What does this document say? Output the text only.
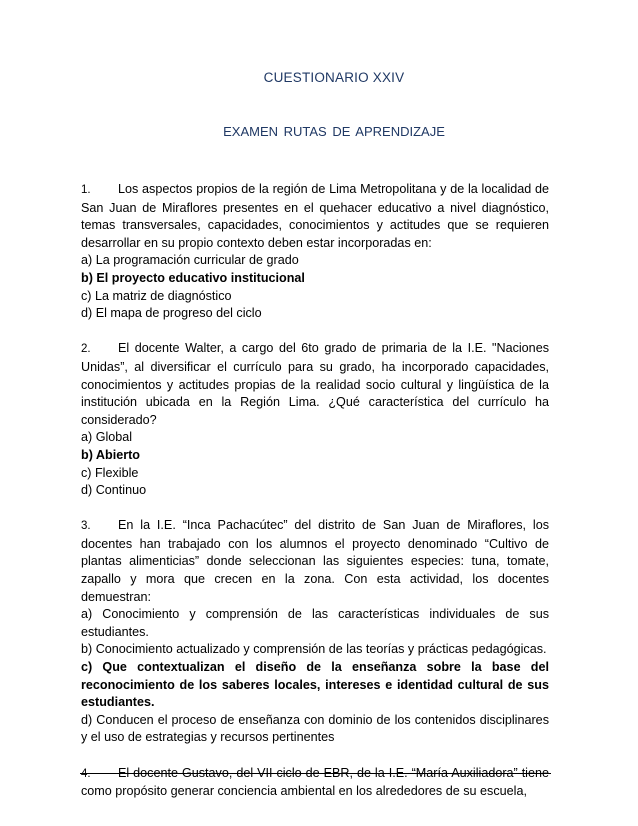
CUESTIONARIO XXIV
EXAMEN RUTAS DE APRENDIZAJE

1. Los aspectos propios de la región de Lima Metropolitana y de la localidad de San Juan de Miraflores presentes en el quehacer educativo a nivel diagnóstico, temas transversales, capacidades, conocimientos y actitudes que se requieren desarrollar en su propio contexto deben estar incorporadas en:

a) La programación curricular de grado

b) El proyecto educativo institucional

c) La matriz de diagnóstico

d) El mapa de progreso del ciclo

2. El docente Walter, a cargo del 6to grado de primaria de la I.E. "Naciones Unidas”, al diversificar el currículo para su grado, ha incorporado capacidades, conocimientos y actitudes propias de la realidad socio cultural y lingüística de la institución ubicada en la Región Lima. ¿Qué característica del currículo ha considerado?

a) Global

b) Abierto

c) Flexible

d) Continuo

3. En la I.E. “Inca Pachacútec” del distrito de San Juan de Miraflores, los docentes han trabajado con los alumnos el proyecto denominado “Cultivo de plantas alimenticias” donde seleccionan las siguientes especies: tuna, tomate, zapallo y mora que crecen en la zona. Con esta actividad, los docentes demuestran:

a) Conocimiento y comprensión de las características individuales de sus estudiantes.

b) Conocimiento actualizado y comprensión de las teorías y prácticas pedagógicas.

c) Que contextualizan el diseño de la enseñanza sobre la base del reconocimiento de los saberes locales, intereses e identidad cultural de sus estudiantes.

d) Conducen el proceso de enseñanza con dominio de los contenidos disciplinares y el uso de estrategias y recursos pertinentes

4. El docente Gustavo, del VII ciclo de EBR, de la I.E. “María Auxiliadora” tiene como propósito generar conciencia ambiental en los alrededores de su escuela,
